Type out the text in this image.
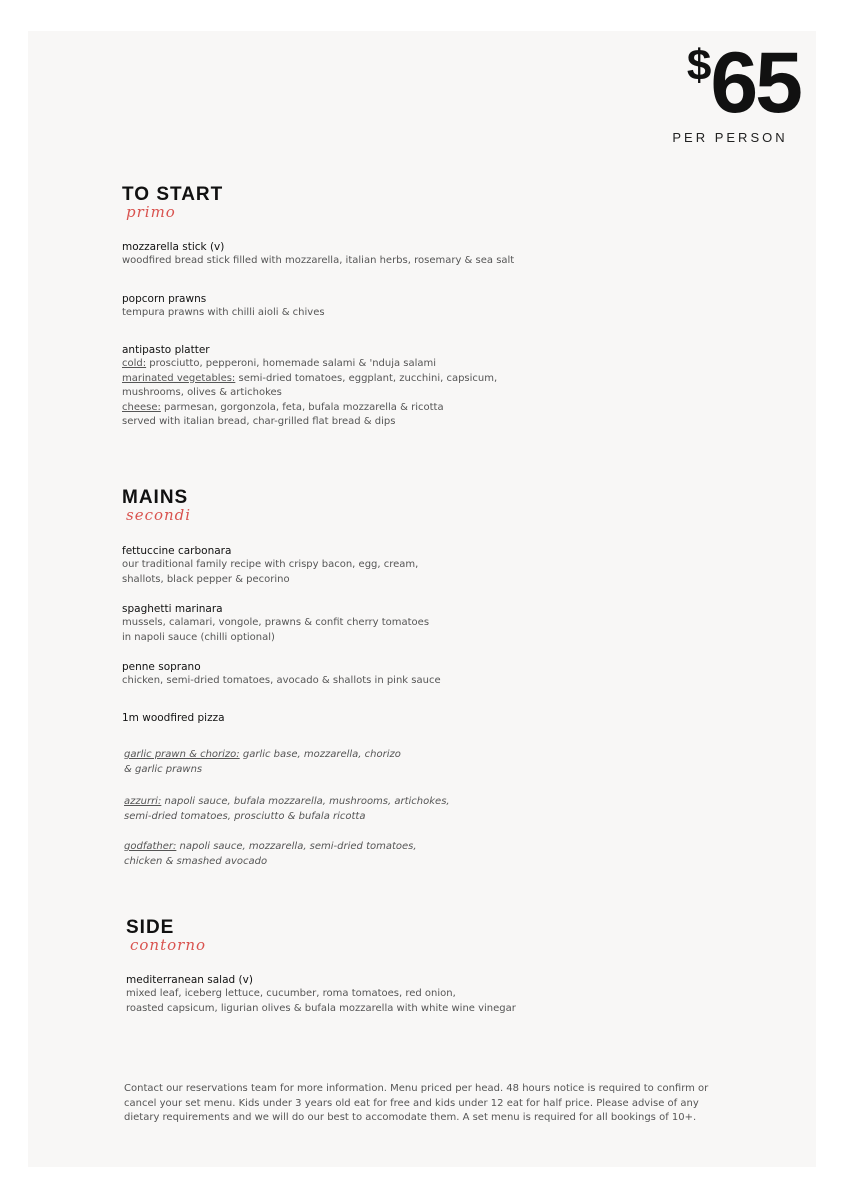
$65
PER PERSON
TO START
primo
mozzarella stick (v)
woodfired bread stick filled with mozzarella, italian herbs, rosemary & sea salt
popcorn prawns
tempura prawns with chilli aioli & chives
antipasto platter
cold: prosciutto, pepperoni, homemade salami & 'nduja salami
marinated vegetables: semi-dried tomatoes, eggplant, zucchini, capsicum,
mushrooms, olives & artichokes
cheese: parmesan, gorgonzola, feta, bufala mozzarella & ricotta
served with italian bread, char-grilled flat bread & dips
MAINS
secondi
fettuccine carbonara
our traditional family recipe with crispy bacon, egg, cream,
shallots, black pepper & pecorino
spaghetti marinara
mussels, calamari, vongole, prawns & confit cherry tomatoes
in napoli sauce (chilli optional)
penne soprano
chicken, semi-dried tomatoes, avocado & shallots in pink sauce
1m woodfired pizza
garlic prawn & chorizo: garlic base, mozzarella, chorizo
& garlic prawns
azzurri: napoli sauce, bufala mozzarella, mushrooms, artichokes,
semi-dried tomatoes, prosciutto & bufala ricotta
godfather: napoli sauce, mozzarella, semi-dried tomatoes,
chicken & smashed avocado
SIDE
contorno
mediterranean salad (v)
mixed leaf, iceberg lettuce, cucumber, roma tomatoes, red onion,
roasted capsicum, ligurian olives & bufala mozzarella with white wine vinegar
Contact our reservations team for more information. Menu priced per head. 48 hours notice is required to confirm or
cancel your set menu. Kids under 3 years old eat for free and kids under 12 eat for half price. Please advise of any
dietary requirements and we will do our best to accomodate them. A set menu is required for all bookings of 10+.
